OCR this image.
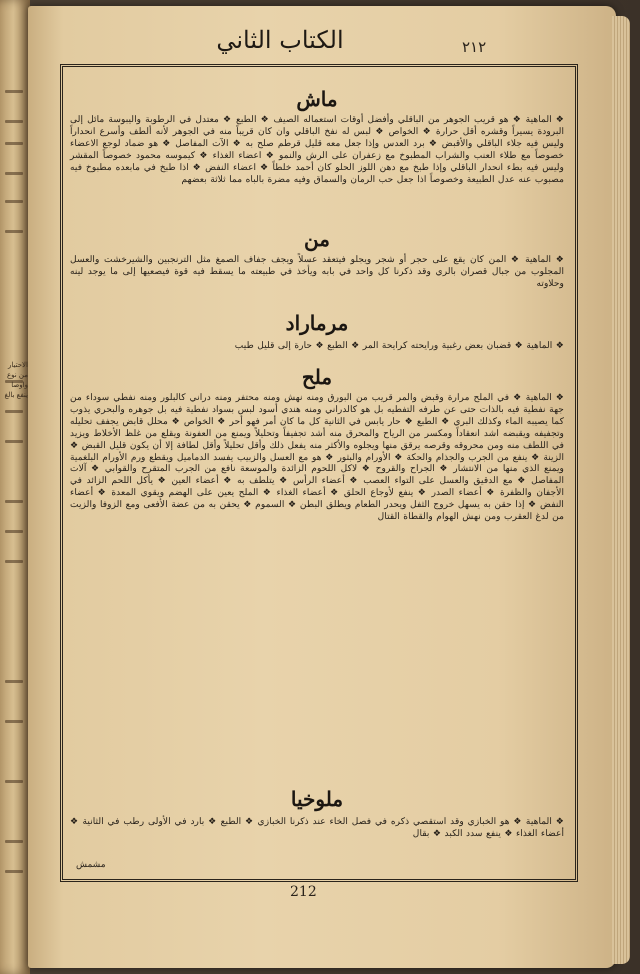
الكتاب الثاني	٢١٢

ماش

❖ الماهية ❖ هو قريب الجوهر من الباقلي وأفضل أوقات استعماله الصيف ❖ الطبع ❖ معتدل في الرطوبة واليبوسة مائل إلى البرودة يسيراً وقشره أقل حرارة ❖ الخواص ❖ لبس له نفخ الباقلي وان كان قريباً منه في الجوهر لأنه ألطف وأسرع انحداراً وليس فيه جلاء الباقلي والأقبض ❖ برد العدس وإذا جعل معه قليل قرطم صلح به ❖ الآت المفاصل ❖ هو ضماد لوجع الاعضاء خصوصاً مع طلاء العنب والشراب المطبوخ مع زعفران على الرش والنمو ❖ اعضاء الغذاء ❖ كيموسه محمود خصوصاً المقشر وليس فيه بطء انحدار الباقلي وإذا طبخ مع دهن اللوز الحلو كان أحمد خلطاً ❖ اعضاء النفض ❖ اذا طبخ في مابعده مطبوخ فيه مصبوب عنه عدل الطبيعة وخصوصاً اذا جعل حب الرمان والسماق وفيه مضرة بالباه مما ثلاثة بعضهم

من

❖ الماهية ❖ المن كان يقع على حجر أو شجر ويجلو فيتعقد عسلاً ويجف جفاف الصمغ مثل الترنجبين والشيرخشت والعسل المجلوب من جبال قصران بالري وقد ذكرنا كل واحد في بابه ويأخذ في طبيعته ما يسقط فيه قوة فيصعيها إلى ما يوجد لينه وحلاوته

مرماراد

❖ الماهية ❖ قضبان بعض رغبية ورايحته كرايحة المر ❖ الطبع ❖ حارة إلى قليل طيب

ملح

❖ الماهية ❖ في الملح مرارة وقبض والمر قريب من البورق ومنه نهش ومنه محتفر ومنه دراني كالبلور ومنه نفطي سوداء من جهة نفطية فيه بالذات حتى عن طرفه التفطيه بل هو كالدراني ومنه هندي أسود لبس بسواد نفطية فيه بل جوهره والبحري يذوب كما يصيبه الماء وكذلك البري ❖ الطبع ❖ حار يابس في الثانية كل ما كان أمر فهو أحر ❖ الخواص ❖ محلل قابض يجفف تحليله وتجفيفه ويقبضه اشد انعقاداً ومكسر من الرياح والمحرق منه أشد تجفيفاً وتحليلاً ويمنع من العفونة ويقلع من غلظ الأخلاط ويزيد في اللطف منه ومن محروقه وقرصه يرقق منها ويجلوه والأكثر منه يفعل ذلك وأقل تحليلاً وأقل لطافة إلا أن يكون قليل القبض ❖ الزينة ❖ ينفع من الجرب والجذام والحكة ❖ الأورام والبثور ❖ هو مع العسل والزبيب يفسد الدماميل ويقطع ورم الأورام البلغمية ويمنع الذي منها من الانتشار ❖ الجراح والقروح ❖ لاكل اللحوم الزائدة والموسعة نافع من الجرب المتقرح والقوابي ❖ آلات المفاصل ❖ مع الدقيق والعسل على التواء العصب ❖ أعضاء الرأس ❖ يتلطف به ❖ أعضاء العين ❖ يأكل اللحم الزائد في الأجفان والظفرة ❖ أعضاء الصدر ❖ ينفع لأوجاع الحلق ❖ أعضاء الغذاء ❖ الملح يعين على الهضم ويقوي المعدة ❖ أعضاء النفض ❖ إذا حقن به يسهل خروج الثفل ويحدر الطعام ويطلق البطن ❖ السموم ❖ يحقن به من عضة الأفعى ومع الزوفا والزيت من لدغ العقرب ومن نهش الهوام والقطاة القتال

ملوخيا

❖ الماهية ❖ هو الخبازي وقد استقصي ذكره في فصل الخاء عند ذكرنا الخبازي ❖ الطبع ❖ بارد في الأولى رطب في الثانية ❖ أعضاء الغذاء ❖ ينفع سدد الكبد ❖ بقال

مشمش
212
الاحتيار من نوع واوصا ينفع بالغ
